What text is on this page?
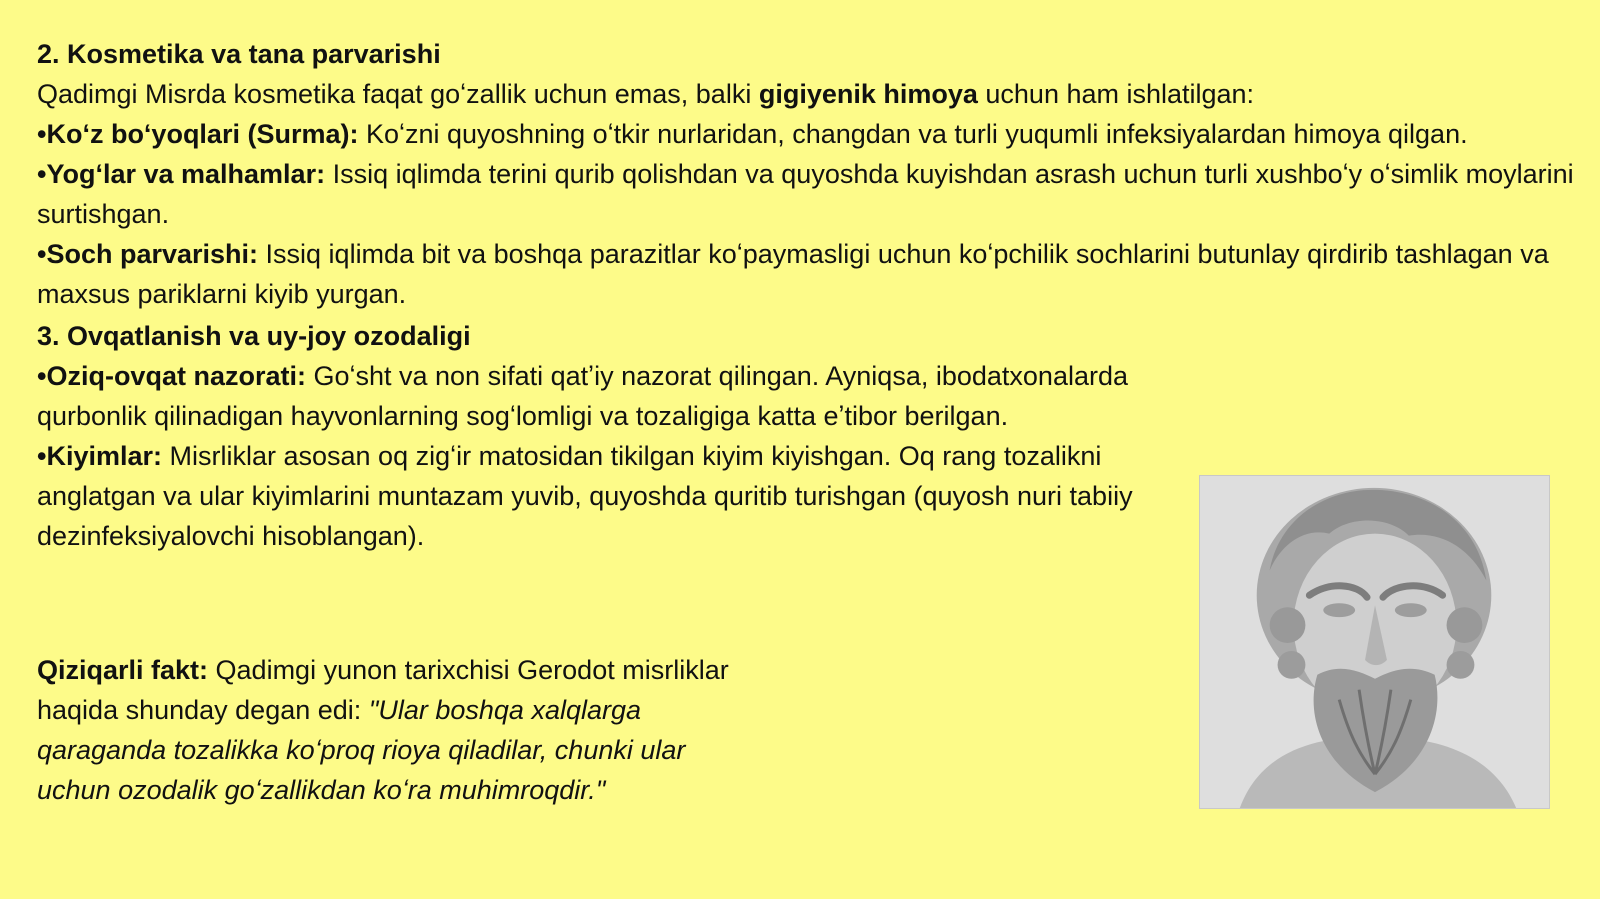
2. Kosmetika va tana parvarishi
Qadimgi Misrda kosmetika faqat goʻzallik uchun emas, balki gigiyenik himoya uchun ham ishlatilgan:
•Koʻz boʻyoqlari (Surma): Koʻzni quyoshning oʻtkir nurlaridan, changdan va turli yuqumli infeksiyalardan himoya qilgan.
•Yogʻlar va malhamlar: Issiq iqlimda terini qurib qolishdan va quyoshda kuyishdan asrash uchun turli xushboʻy oʻsimlik moylarini surtishgan.
•Soch parvarishi: Issiq iqlimda bit va boshqa parazitlar koʻpaymasligi uchun koʻpchilik sochlarini butunlay qirdirib tashlagan va maxsus pariklarni kiyib yurgan.
3. Ovqatlanish va uy-joy ozodaligi
•Oziq-ovqat nazorati: Goʻsht va non sifati qatʼiy nazorat qilingan. Ayniqsa, ibodatxonalarda qurbonlik qilinadigan hayvonlarning sogʻlomligi va tozaligiga katta eʼtibor berilgan.
•Kiyimlar: Misrliklar asosan oq zigʻir matosidan tikilgan kiyim kiyishgan. Oq rang tozalikni anglatgan va ular kiyimlarini muntazam yuvib, quyoshda quritib turishgan (quyosh nuri tabiiy dezinfeksiyalovchi hisoblangan).
Qiziqarli fakt: Qadimgi yunon tarixchisi Gerodot misrliklar haqida shunday degan edi: "Ular boshqa xalqlarga qaraganda tozalikka koʻproq rioya qiladilar, chunki ular uchun ozodalik goʻzallikdan koʻra muhimroqdir."
